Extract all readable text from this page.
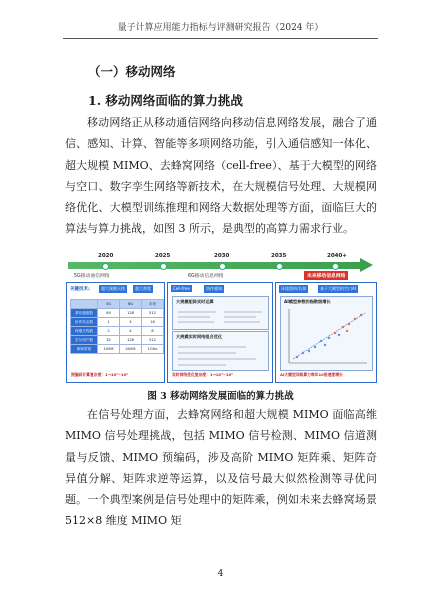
量子计算应用能力指标与评测研究报告（2024 年）
（一）移动网络
1. 移动网络面临的算力挑战

移动网络正从移动通信网络向移动信息网络发展，融合了通信、感知、计算、智能等多项网络功能，引入通信感知一体化、超大规模 MIMO、去蜂窝网络（cell-free）、基于大模型的网络与空口、数字孪生网络等新技术，在大规模信号处理、大规模网络优化、大模型训练推理和网络大数据处理等方面，面临巨大的算法与算力挑战，如图 3 所示，是典型的高算力需求行业。

2020	2025	2030	2035	2040+
5G移动通信网络	6G移动信息网络	未来移动信息网络
关键技术:	超大规模天线	超大带宽
	5G	6G	未来
基站通道数	64	128	512
协作站点数	1	4	16
终端天线数	2	4	8
空分用户数	32	128	512
频率带宽	100M	400M	1GHz
预编码计算复杂度：1→10³~10⁶
Cell-free	协作感知
大规模矩阵实时运算
大规模实时网络组合优化
实时网络优化复杂度：1→10³~10⁶
环境重构/认知	基于大模型的空口AI
AI模型参数的指数级增长
AI大模型训练算力每年10倍速度增长
图 3 移动网络发展面临的算力挑战

在信号处理方面，去蜂窝网络和超大规模 MIMO 面临高维 MIMO 信号处理挑战，包括 MIMO 信号检测、MIMO 信道测量与反馈、MIMO 预编码，涉及高阶 MIMO 矩阵乘、矩阵奇异值分解、矩阵求逆等运算，以及信号最大似然检测等寻优问题。一个典型案例是信号处理中的矩阵乘，例如未来去蜂窝场景 512×8 维度 MIMO 矩

4
